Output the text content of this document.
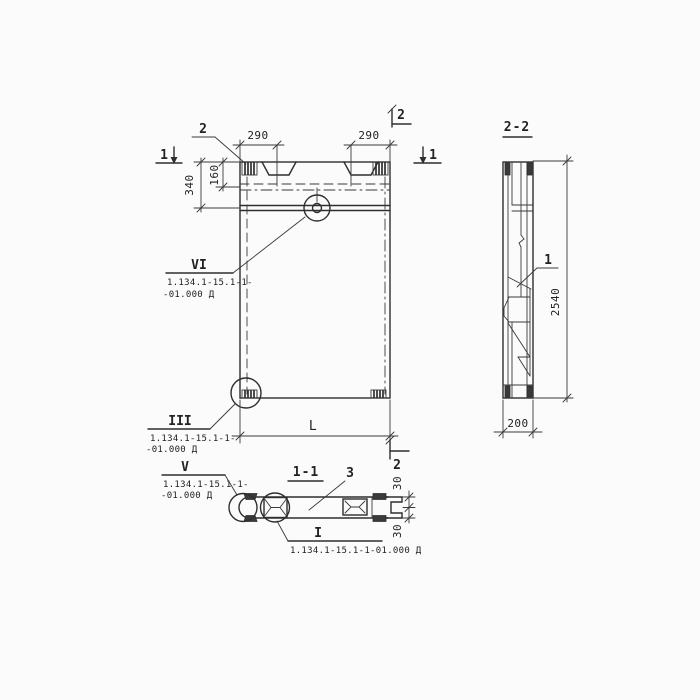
290	290
340 160
L
1	1
2
2
2
VI
1.134.1-15.1-1-
-01.000 Д
III
1.134.1-15.1-1-
-01.000 Д
V
1.134.1-15.1-1-
-01.000 Д
I
1.134.1-15.1-1-01.000 Д
1-1
30
30
3
2-2
1
2540
200
